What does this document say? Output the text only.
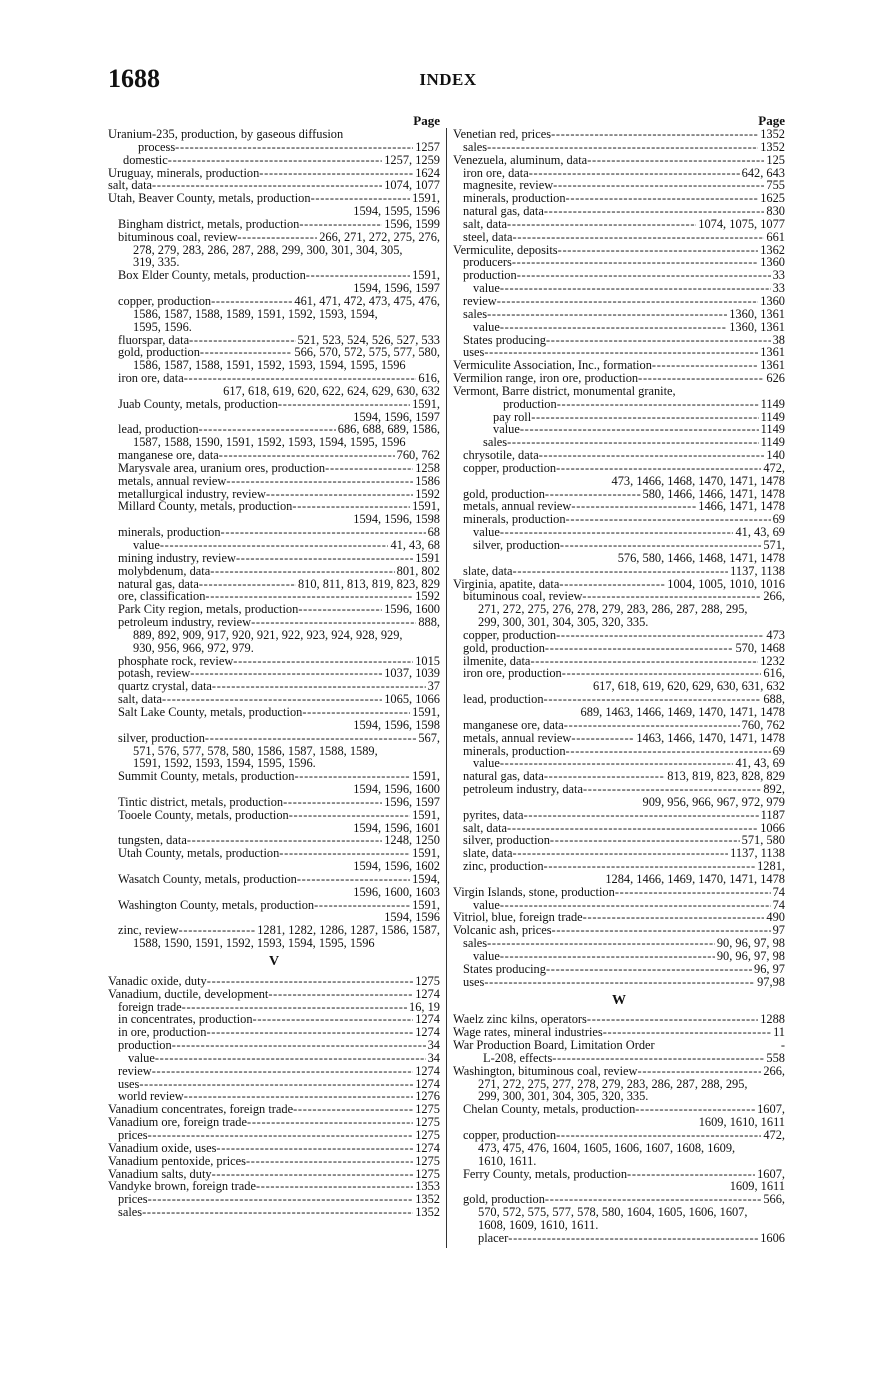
1688	INDEX
Page
Uranium-235, production, by gaseous diffusion
process - - -	1257
domestic - - -	1257, 1259
Uruguay, minerals, production - - -	1624
salt, data - - -	1074, 1077
Utah, Beaver County, metals, production - - -	1591,
1594, 1595, 1596
Bingham district, metals, production - - -	1596, 1599
bituminous coal, review - - -	266, 271, 272, 275, 276,
278, 279, 283, 286, 287, 288, 299, 300, 301, 304, 305,
319, 335.
Box Elder County, metals, production - - -	1591,
1594, 1596, 1597
copper, production - - -	461, 471, 472, 473, 475, 476,
1586, 1587, 1588, 1589, 1591, 1592, 1593, 1594,
1595, 1596.
fluorspar, data - - -	521, 523, 524, 526, 527, 533
gold, production - - -	566, 570, 572, 575, 577, 580,
1586, 1587, 1588, 1591, 1592, 1593, 1594, 1595, 1596
iron ore, data - - -	616,
617, 618, 619, 620, 622, 624, 629, 630, 632
Juab County, metals, production - - -	1591,
1594, 1596, 1597
lead, production - - -	686, 688, 689, 1586,
1587, 1588, 1590, 1591, 1592, 1593, 1594, 1595, 1596
manganese ore, data - - -	760, 762
Marysvale area, uranium ores, production - - -	1258
metals, annual review - - -	1586
metallurgical industry, review - - -	1592
Millard County, metals, production - - -	1591,
1594, 1596, 1598
minerals, production - - -	68
value - - -	41, 43, 68
mining industry, review - - -	1591
molybdenum, data - - -	801, 802
natural gas, data - - -	810, 811, 813, 819, 823, 829
ore, classification - - -	1592
Park City region, metals, production - - -	1596, 1600
petroleum industry, review - - -	888,
889, 892, 909, 917, 920, 921, 922, 923, 924, 928, 929,
930, 956, 966, 972, 979.
phosphate rock, review - - -	1015
potash, review - - -	1037, 1039
quartz crystal, data - - -	37
salt, data - - -	1065, 1066
Salt Lake County, metals, production - - -	1591,
1594, 1596, 1598
silver, production - - -	567,
571, 576, 577, 578, 580, 1586, 1587, 1588, 1589,
1591, 1592, 1593, 1594, 1595, 1596.
Summit County, metals, production - - -	1591,
1594, 1596, 1600
Tintic district, metals, production - - -	1596, 1597
Tooele County, metals, production - - -	1591,
1594, 1596, 1601
tungsten, data - - -	1248, 1250
Utah County, metals, production - - -	1591,
1594, 1596, 1602
Wasatch County, metals, production - - -	1594,
1596, 1600, 1603
Washington County, metals, production - - -	1591,
1594, 1596
zinc, review - - -	1281, 1282, 1286, 1287, 1586, 1587,
1588, 1590, 1591, 1592, 1593, 1594, 1595, 1596
V
Vanadic oxide, duty - - -	1275
Vanadium, ductile, development - - -	1274
foreign trade - - -	16, 19
in concentrates, production - - -	1274
in ore, production - - -	1274
production - - -	34
value - - -	34
review - - -	1274
uses - - -	1274
world review - - -	1276
Vanadium concentrates, foreign trade - - -	1275
Vanadium ore, foreign trade - - -	1275
prices - - -	1275
Vanadium oxide, uses - - -	1274
Vanadium pentoxide, prices - - -	1275
Vanadium salts, duty - - -	1275
Vandyke brown, foreign trade - - -	1353
prices - - -	1352
sales - - -	1352
Page
Venetian red, prices - - -	1352
sales - - -	1352
Venezuela, aluminum, data - - -	125
iron ore, data - - -	642, 643
magnesite, review - - -	755
minerals, production - - -	1625
natural gas, data - - -	830
salt, data - - -	1074, 1075, 1077
steel, data - - -	661
Vermiculite, deposits - - -	1362
producers - - -	1360
production - - -	33
value - - -	33
review - - -	1360
sales - - -	1360, 1361
value - - -	1360, 1361
States producing - - -	38
uses - - -	1361
Vermiculite Association, Inc., formation - - -	1361
Vermilion range, iron ore, production - - -	626
Vermont, Barre district, monumental granite,
production - - -	1149
pay roll - - -	1149
value - - -	1149
sales - - -	1149
chrysotile, data - - -	140
copper, production - - -	472,
473, 1466, 1468, 1470, 1471, 1478
gold, production - - -	580, 1466, 1466, 1471, 1478
metals, annual review - - -	1466, 1471, 1478
minerals, production - - -	69
value - - -	41, 43, 69
silver, production - - -	571,
576, 580, 1466, 1468, 1471, 1478
slate, data - - -	1137, 1138
Virginia, apatite, data - - -	1004, 1005, 1010, 1016
bituminous coal, review - - -	266,
271, 272, 275, 276, 278, 279, 283, 286, 287, 288, 295,
299, 300, 301, 304, 305, 320, 335.
copper, production - - -	473
gold, production - - -	570, 1468
ilmenite, data - - -	1232
iron ore, production - - -	616,
617, 618, 619, 620, 629, 630, 631, 632
lead, production - - -	688,
689, 1463, 1466, 1469, 1470, 1471, 1478
manganese ore, data - - -	760, 762
metals, annual review - - -	1463, 1466, 1470, 1471, 1478
minerals, production - - -	69
value - - -	41, 43, 69
natural gas, data - - -	813, 819, 823, 828, 829
petroleum industry, data - - -	892,
909, 956, 966, 967, 972, 979
pyrites, data - - -	1187
salt, data - - -	1066
silver, production - - -	571, 580
slate, data - - -	1137, 1138
zinc, production - - -	1281,
1284, 1466, 1469, 1470, 1471, 1478
Virgin Islands, stone, production - - -	74
value - - -	74
Vitriol, blue, foreign trade - - -	490
Volcanic ash, prices - - -	97
sales - - -	90, 96, 97, 98
value - - -	90, 96, 97, 98
States producing - - -	96, 97
uses - - -	97,98
W
Waelz zinc kilns, operators - - -	1288
Wage rates, mineral industries - - -	11
War Production Board, Limitation Order	-
L-208, effects - - -	558
Washington, bituminous coal, review - - -	266,
271, 272, 275, 277, 278, 279, 283, 286, 287, 288, 295,
299, 300, 301, 304, 305, 320, 335.
Chelan County, metals, production - - -	1607,
1609, 1610, 1611
copper, production - - -	472,
473, 475, 476, 1604, 1605, 1606, 1607, 1608, 1609,
1610, 1611.
Ferry County, metals, production - - -	1607,
1609, 1611
gold, production - - -	566,
570, 572, 575, 577, 578, 580, 1604, 1605, 1606, 1607,
1608, 1609, 1610, 1611.
placer - - -	1606
